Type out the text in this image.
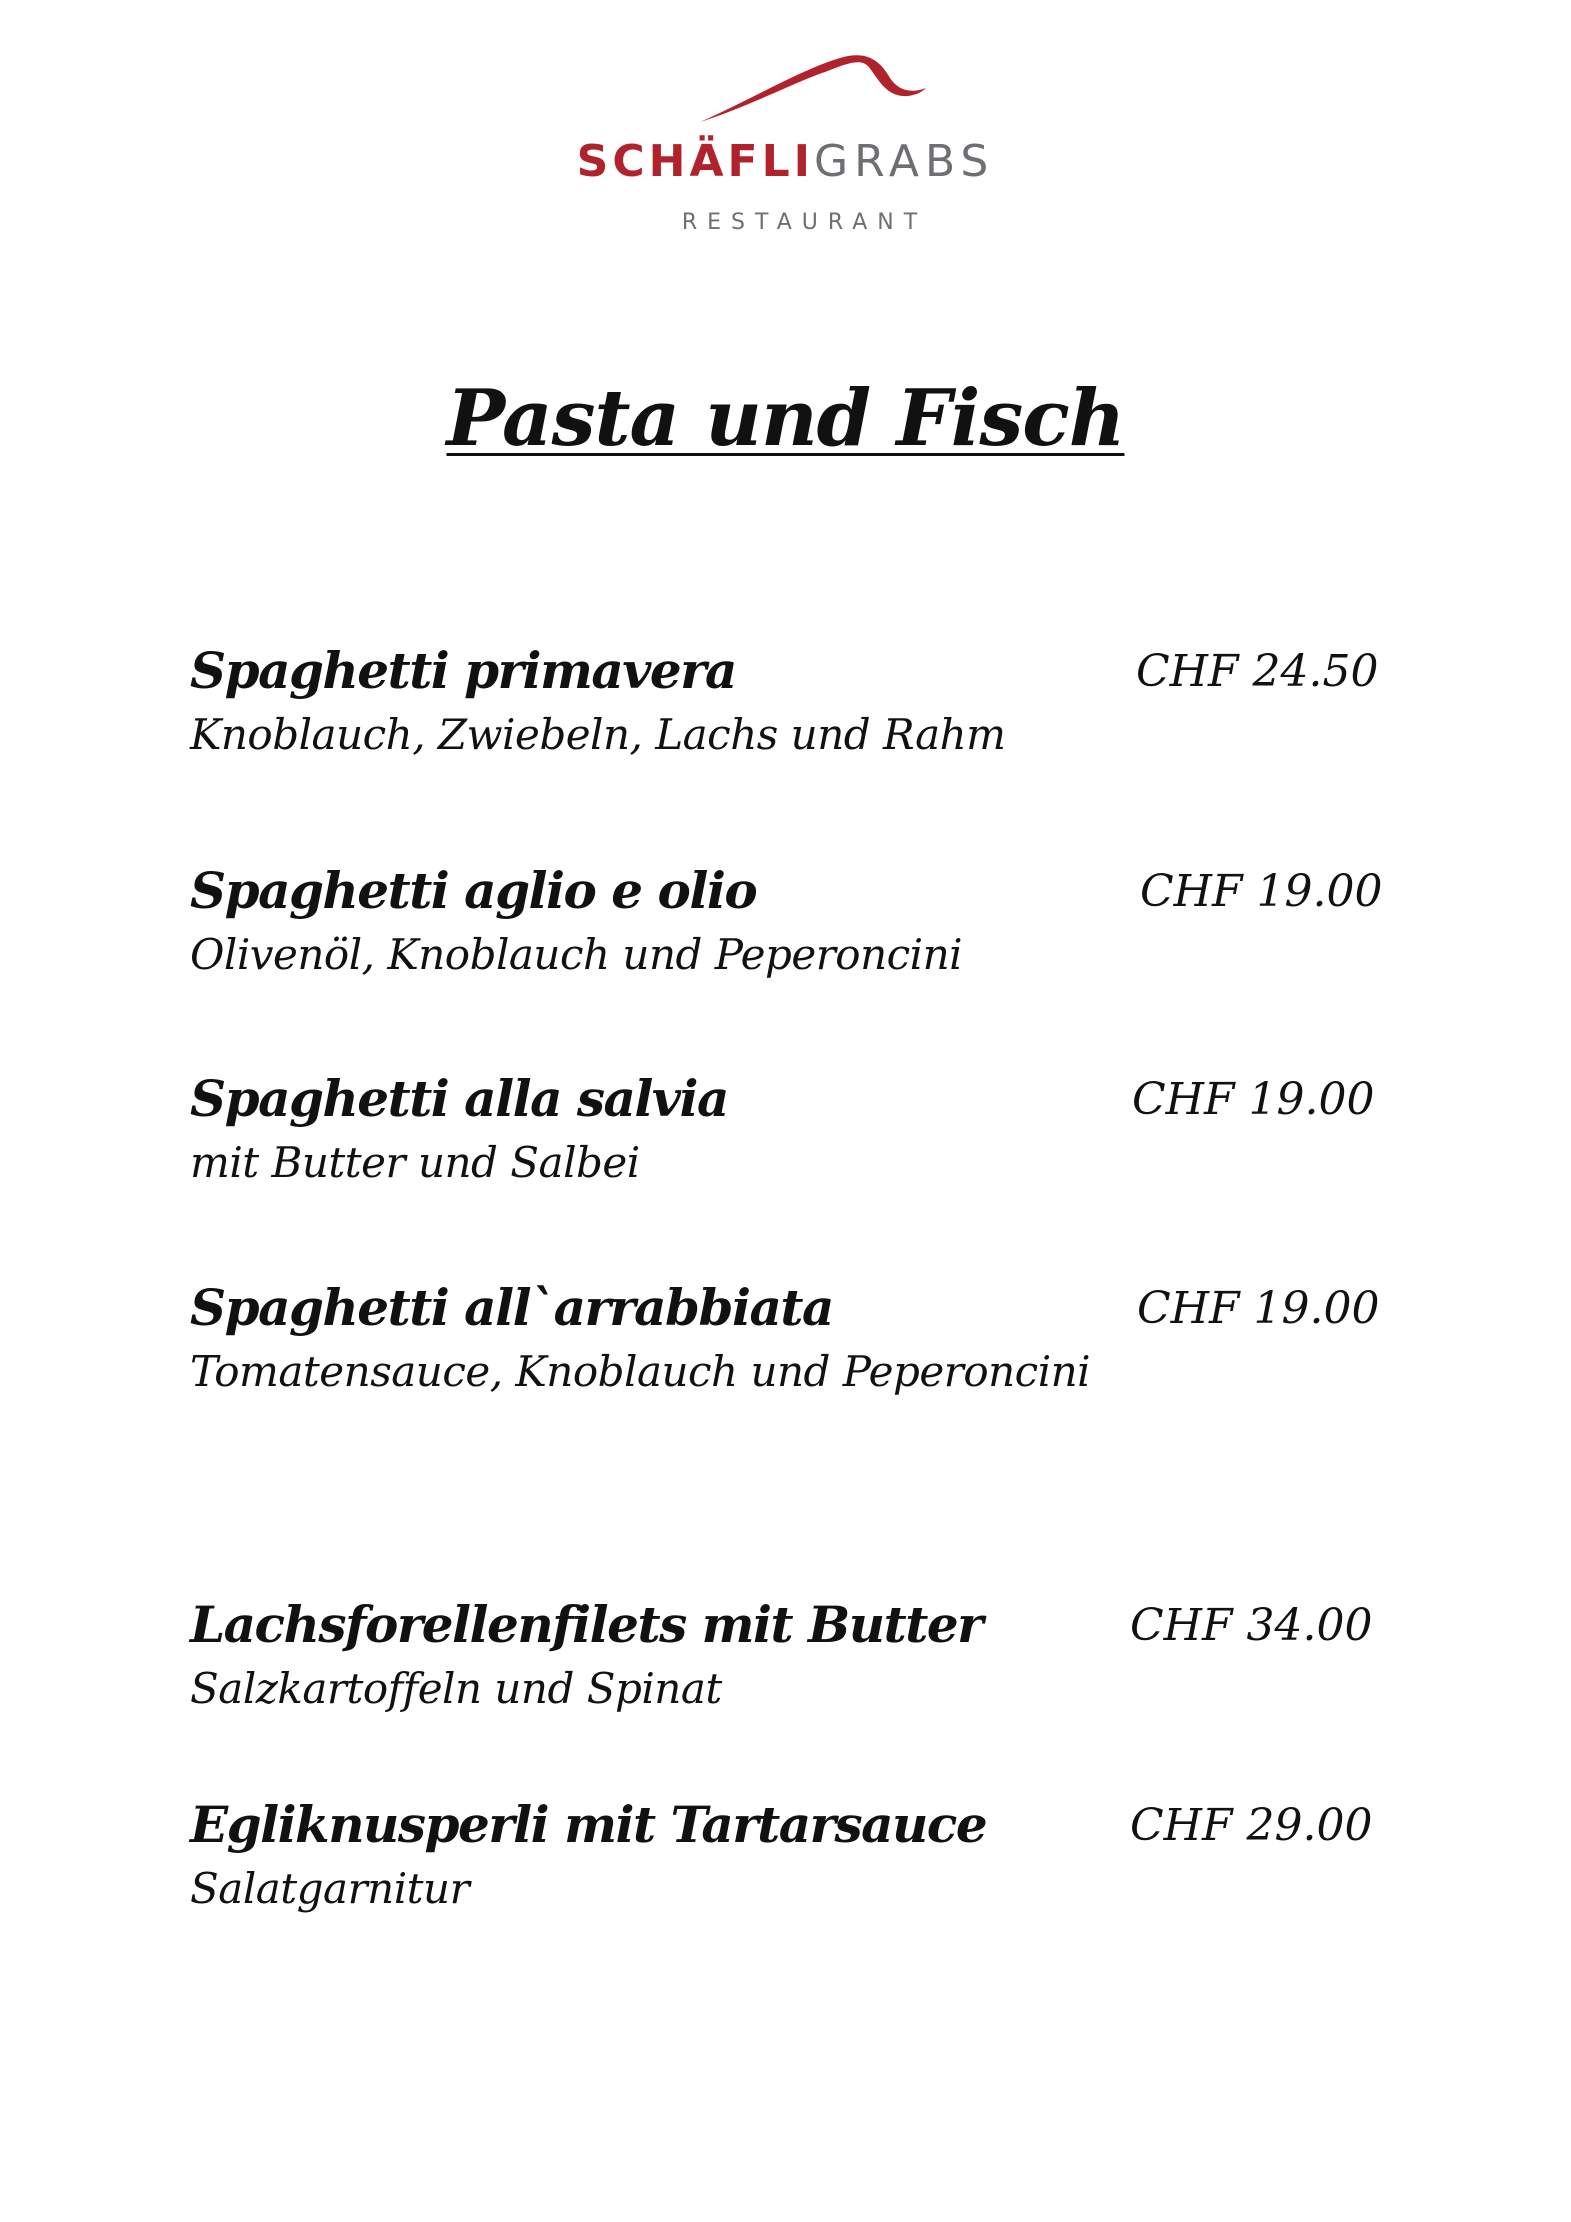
SCHÄFLIGRABS
RESTAURANT
Pasta und Fisch
Spaghetti primavera
Knoblauch, Zwiebeln, Lachs und Rahm
CHF 24.50
Spaghetti aglio e olio
Olivenöl, Knoblauch und Peperoncini
CHF 19.00
Spaghetti alla salvia
mit Butter und Salbei
CHF 19.00
Spaghetti all`arrabbiata
Tomatensauce, Knoblauch und Peperoncini
CHF 19.00
Lachsforellenfilets mit Butter
Salzkartoffeln und Spinat
CHF 34.00
Egliknusperli mit Tartarsauce
Salatgarnitur
CHF 29.00
